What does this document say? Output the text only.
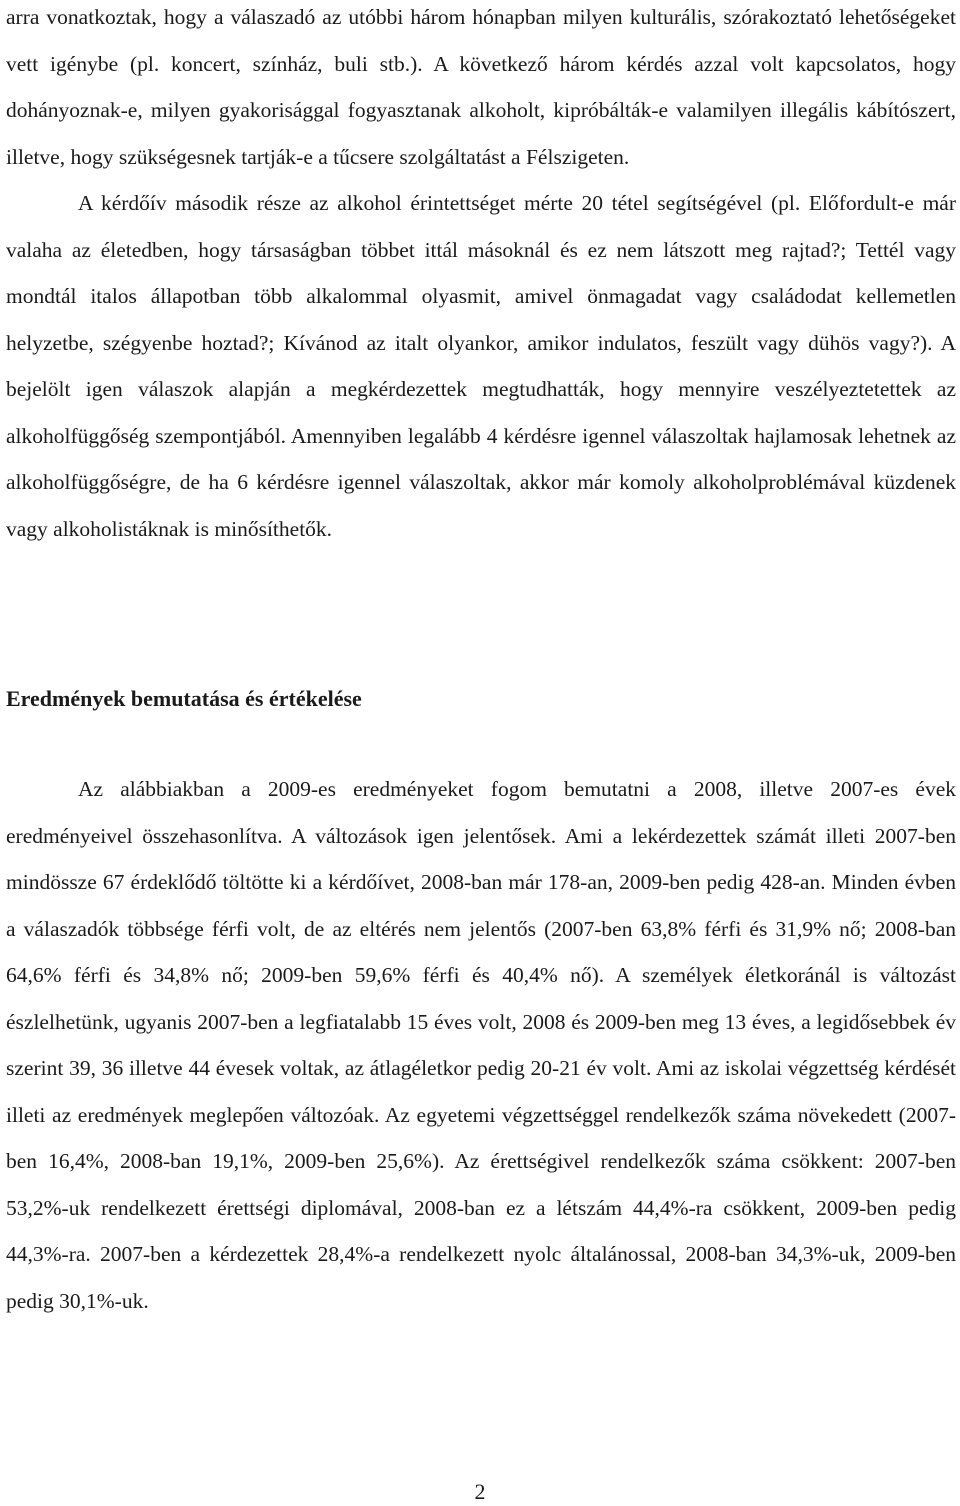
arra vonatkoztak, hogy a válaszadó az utóbbi három hónapban milyen kulturális, szórakoztató lehetőségeket vett igénybe (pl. koncert, színház, buli stb.). A következő három kérdés azzal volt kapcsolatos, hogy dohányoznak-e, milyen gyakorisággal fogyasztanak alkoholt, kipróbálták-e valamilyen illegális kábítószert, illetve, hogy szükségesnek tartják-e a tűcsere szolgáltatást a Félszigeten.

A kérdőív második része az alkohol érintettséget mérte 20 tétel segítségével (pl. Előfordult-e már valaha az életedben, hogy társaságban többet ittál másoknál és ez nem látszott meg rajtad?; Tettél vagy mondtál italos állapotban több alkalommal olyasmit, amivel önmagadat vagy családodat kellemetlen helyzetbe, szégyenbe hoztad?; Kívánod az italt olyankor, amikor indulatos, feszült vagy dühös vagy?). A bejelölt igen válaszok alapján a megkérdezettek megtudhatták, hogy mennyire veszélyeztetettek az alkoholfüggőség szempontjából. Amennyiben legalább 4 kérdésre igennel válaszoltak hajlamosak lehetnek az alkoholfüggőségre, de ha 6 kérdésre igennel válaszoltak, akkor már komoly alkoholproblémával küzdenek vagy alkoholistáknak is minősíthetők.

Eredmények bemutatása és értékelése

Az alábbiakban a 2009-es eredményeket fogom bemutatni a 2008, illetve 2007-es évek eredményeivel összehasonlítva. A változások igen jelentősek. Ami a lekérdezettek számát illeti 2007-ben mindössze 67 érdeklődő töltötte ki a kérdőívet, 2008-ban már 178-an, 2009-ben pedig 428-an. Minden évben a válaszadók többsége férfi volt, de az eltérés nem jelentős (2007-ben 63,8% férfi és 31,9% nő; 2008-ban 64,6% férfi és 34,8% nő; 2009-ben 59,6% férfi és 40,4% nő). A személyek életkoránál is változást észlelhetünk, ugyanis 2007-ben a legfiatalabb 15 éves volt, 2008 és 2009-ben meg 13 éves, a legidősebbek év szerint 39, 36 illetve 44 évesek voltak, az átlagéletkor pedig 20-21 év volt. Ami az iskolai végzettség kérdését illeti az eredmények meglepően változóak. Az egyetemi végzettséggel rendelkezők száma növekedett (2007-ben 16,4%, 2008-ban 19,1%, 2009-ben 25,6%). Az érettségivel rendelkezők száma csökkent: 2007-ben 53,2%-uk rendelkezett érettségi diplomával, 2008-ban ez a létszám 44,4%-ra csökkent, 2009-ben pedig 44,3%-ra. 2007-ben a kérdezettek 28,4%-a rendelkezett nyolc általánossal, 2008-ban 34,3%-uk, 2009-ben pedig 30,1%-uk.

2
